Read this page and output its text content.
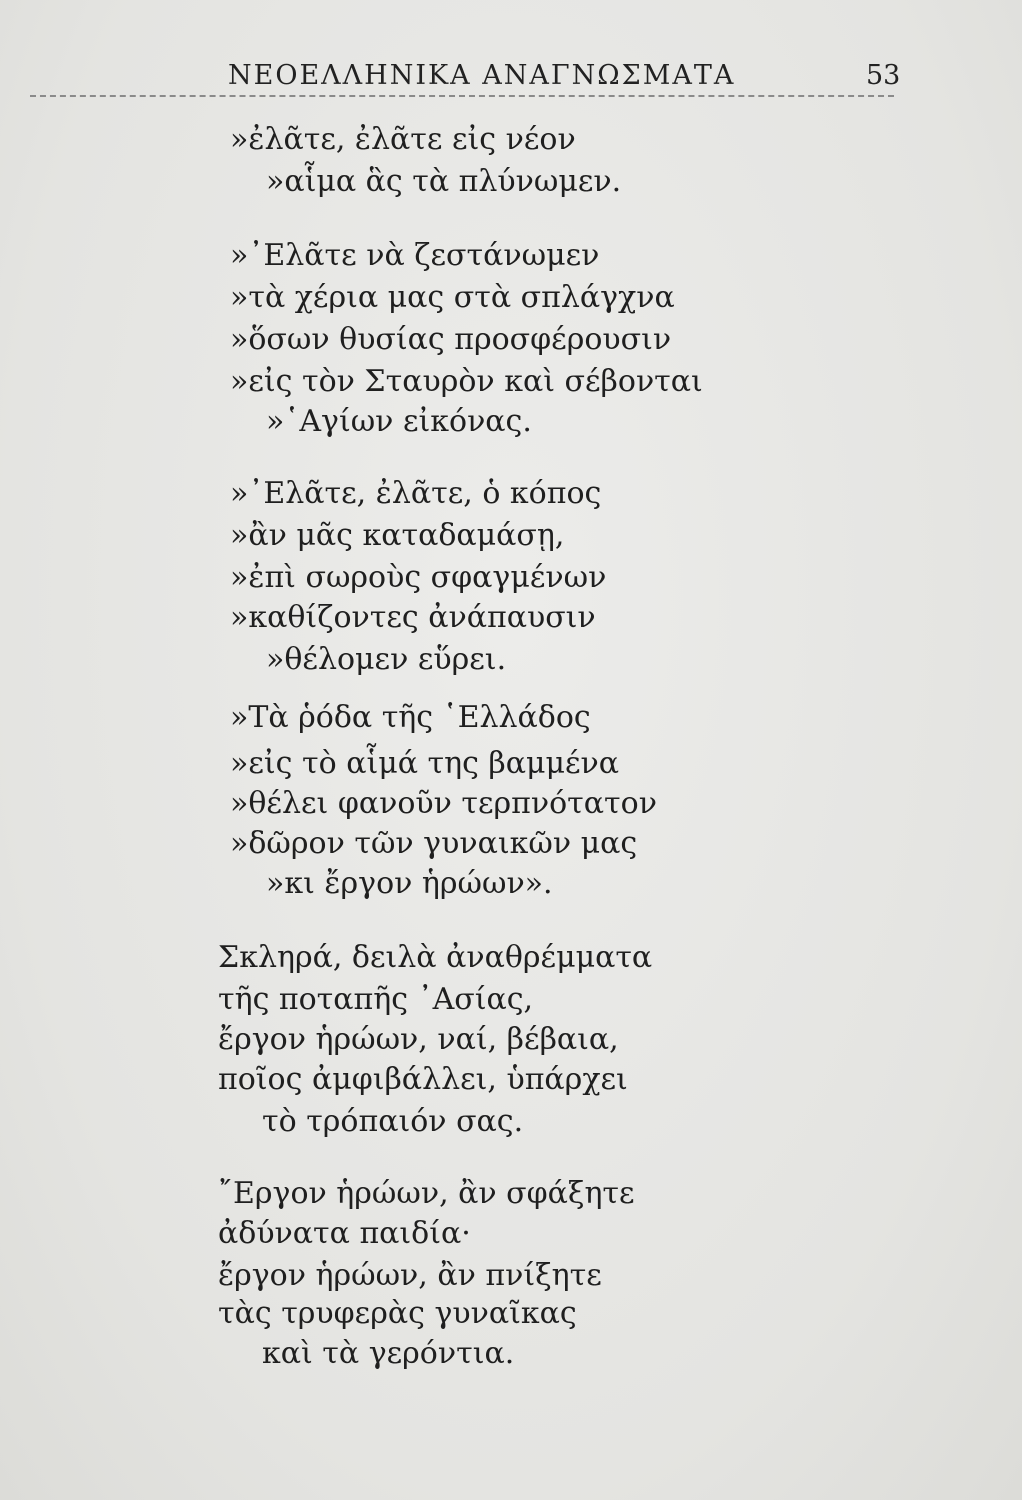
ΝΕΟΕΛΛΗΝΙΚΑ ΑΝΑΓΝΩΣΜΑΤΑ	53
»ἐλᾶτε, ἐλᾶτε εἰς νέον
»αἷμα ἃς τὰ πλύνωμεν.
»᾿Ελᾶτε νὰ ζεστάνωμεν
»τὰ χέρια μας στὰ σπλάγχνα
»ὅσων θυσίας προσφέρουσιν
»εἰς τὸν Σταυρὸν καὶ σέβονται
»῾Αγίων εἰκόνας.
»᾿Ελᾶτε, ἐλᾶτε, ὁ κόπος
»ἂν μᾶς καταδαμάσῃ,
»ἐπὶ σωροὺς σφαγμένων
»καθίζοντες ἀνάπαυσιν
»θέλομεν εὕρει.
»Τὰ ῥόδα τῆς ῾Ελλάδος
»εἰς τὸ αἷμά της βαμμένα
»θέλει φανοῦν τερπνότατον
»δῶρον τῶν γυναικῶν μας
»κι ἔργον ἡρώων».
Σκληρά, δειλὰ ἀναθρέμματα
τῆς ποταπῆς ᾿Ασίας,
ἔργον ἡρώων, ναί, βέβαια,
ποῖος ἀμφιβάλλει, ὑπάρχει
τὸ τρόπαιόν σας.
῎Εργον ἡρώων, ἂν σφάξητε
ἀδύνατα παιδία·
ἔργον ἡρώων, ἂν πνίξητε
τὰς τρυφερὰς γυναῖκας
καὶ τὰ γερόντια.
